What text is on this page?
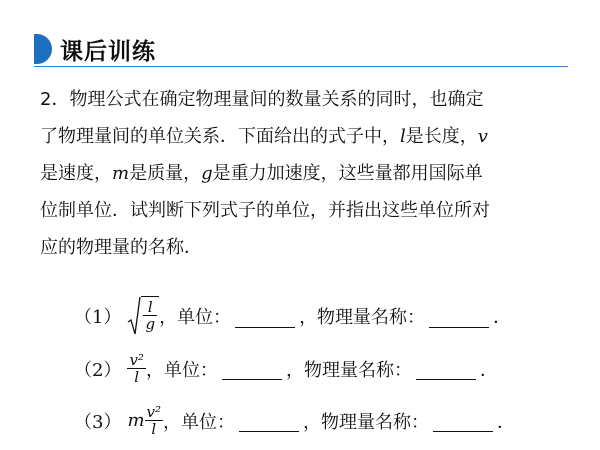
课后训练
2．物理公式在确定物理量间的数量关系的同时，也确定
了物理量间的单位关系．下面给出的式子中，l是长度，v
是速度，m是质量，g是重力加速度，这些量都用国际单
位制单位．试判断下列式子的单位，并指出这些单位所对
应的物理量的名称．
$(1) \frac{l}{g}$ ，单位：	，物理量名称：	．
$(2) \frac{\text{v²}}{l}$ ，单位：	，物理量名称：	．
（3） m $\frac{\text{v²}}{l}$ ，单位：	，物理量名称：	．
